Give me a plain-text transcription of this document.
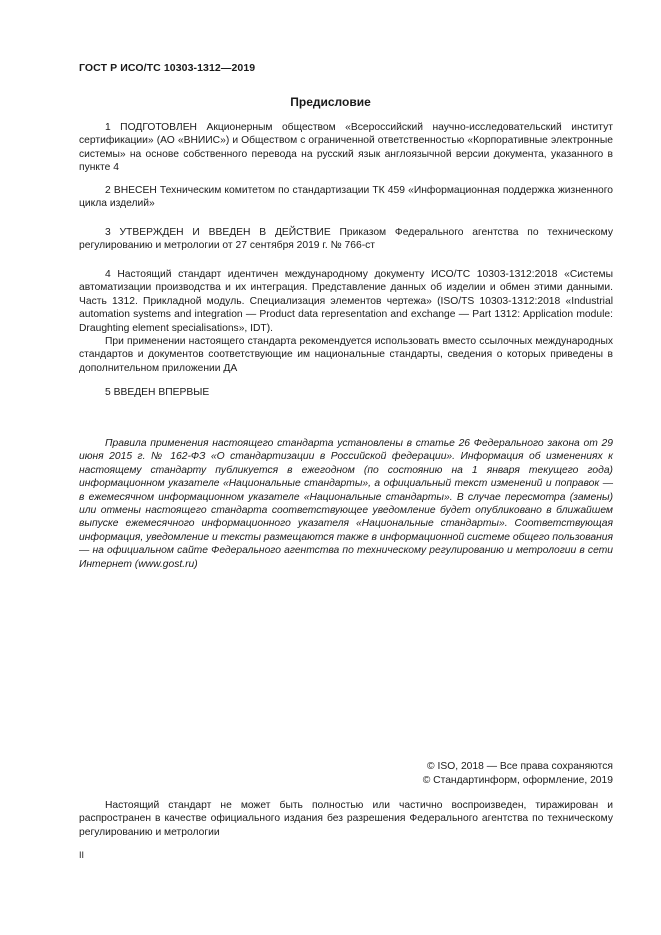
ГОСТ Р ИСО/ТС 10303-1312—2019
Предисловие

1 ПОДГОТОВЛЕН Акционерным обществом «Всероссийский научно-исследовательский институт сертификации» (АО «ВНИИС») и Обществом с ограниченной ответственностью «Корпоративные электронные системы» на основе собственного перевода на русский язык англоязычной версии документа, указанного в пункте 4

2 ВНЕСЕН Техническим комитетом по стандартизации ТК 459 «Информационная поддержка жизненного цикла изделий»

3 УТВЕРЖДЕН И ВВЕДЕН В ДЕЙСТВИЕ Приказом Федерального агентства по техническому регулированию и метрологии от 27 сентября 2019 г. № 766-ст

4 Настоящий стандарт идентичен международному документу ИСО/ТС 10303-1312:2018 «Системы автоматизации производства и их интеграция. Представление данных об изделии и обмен этими данными. Часть 1312. Прикладной модуль. Специализация элементов чертежа» (ISO/TS 10303-1312:2018 «Industrial automation systems and integration — Product data representation and exchange — Part 1312: Application module: Draughting element specialisations», IDT).

При применении настоящего стандарта рекомендуется использовать вместо ссылочных международных стандартов и документов соответствующие им национальные стандарты, сведения о которых приведены в дополнительном приложении ДА

5 ВВЕДЕН ВПЕРВЫЕ

Правила применения настоящего стандарта установлены в статье 26 Федерального закона от 29 июня 2015 г. № 162-ФЗ «О стандартизации в Российской федерации». Информация об изменениях к настоящему стандарту публикуется в ежегодном (по состоянию на 1 января текущего года) информационном указателе «Национальные стандарты», а официальный текст изменений и поправок — в ежемесячном информационном указателе «Национальные стандарты». В случае пересмотра (замены) или отмены настоящего стандарта соответствующее уведомление будет опубликовано в ближайшем выпуске ежемесячного информационного указателя «Национальные стандарты». Соответствующая информация, уведомление и тексты размещаются также в информационной системе общего пользования — на официальном сайте Федерального агентства по техническому регулированию и метрологии в сети Интернет (www.gost.ru)

© ISO, 2018 — Все права сохраняются
© Стандартинформ, оформление, 2019

Настоящий стандарт не может быть полностью или частично воспроизведен, тиражирован и распространен в качестве официального издания без разрешения Федерального агентства по техническому регулированию и метрологии

II
